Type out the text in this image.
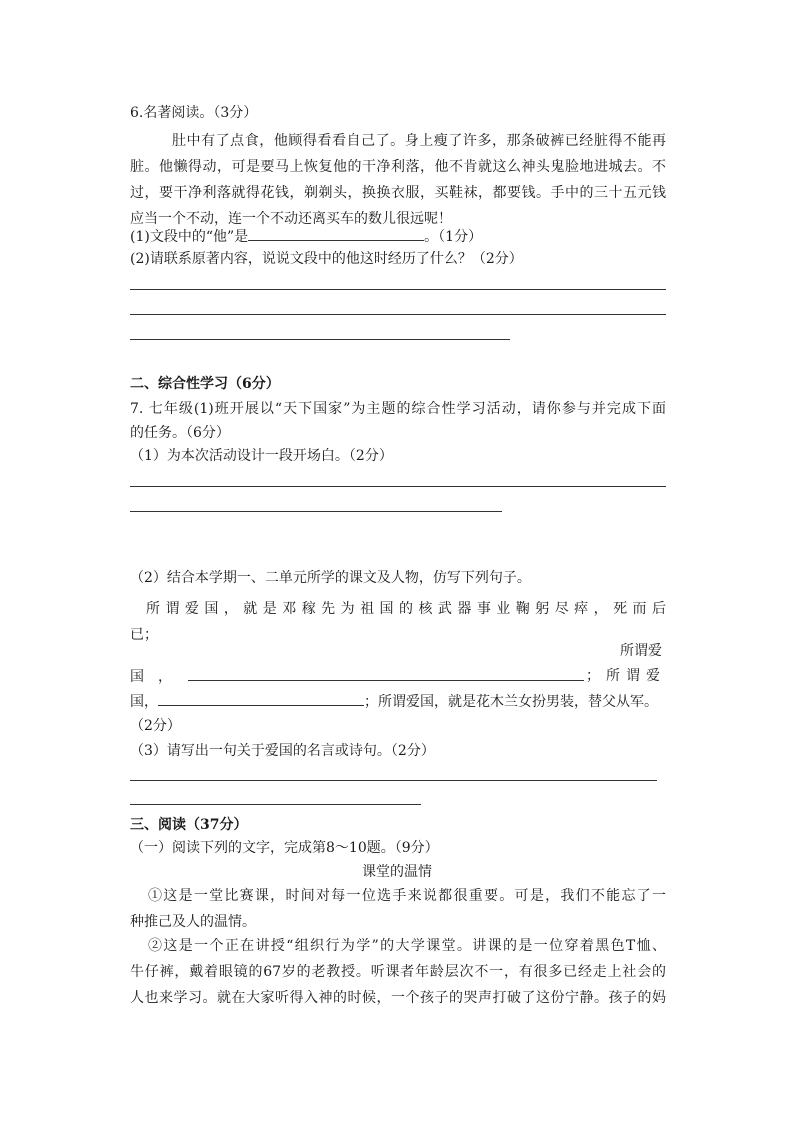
6.名著阅读。（3分）
肚中有了点食，他顾得看看自己了。身上瘦了许多，那条破裤已经脏得不能再
脏。他懒得动，可是要马上恢复他的干净利落，他不肯就这么神头鬼脸地进城去。不
过，要干净利落就得花钱，剃剃头，换换衣服，买鞋袜，都要钱。手中的三十五元钱
应当一个不动，连一个不动还离买车的数儿很远呢！
(1)文段中的“他”是	。（1分）
(2)请联系原著内容，说说文段中的他这时经历了什么？（2分）
二、综合性学习（6分）
7. 七年级(1)班开展以“天下国家”为主题的综合性学习活动，请你参与并完成下面
的任务。（6分）
（1）为本次活动设计一段开场白。（2分）
（2）结合本学期一、二单元所学的课文及人物，仿写下列句子。
所谓爱国，就是邓稼先为祖国的核武器事业鞠躬尽瘁，死而后
已；
所谓爱
国，	；所谓爱
国，	；所谓爱国，就是花木兰女扮男装，替父从军。
（2分）
（3）请写出一句关于爱国的名言或诗句。（2分）
三、阅读（37分）
（一）阅读下列的文字，完成第8～10题。（9分）
课堂的温情
①这是一堂比赛课，时间对每一位选手来说都很重要。可是，我们不能忘了一
种推己及人的温情。
②这是一个正在讲授“组织行为学”的大学课堂。讲课的是一位穿着黑色T恤、
牛仔裤，戴着眼镜的67岁的老教授。听课者年龄层次不一，有很多已经走上社会的
人也来学习。就在大家听得入神的时候，一个孩子的哭声打破了这份宁静。孩子的妈
